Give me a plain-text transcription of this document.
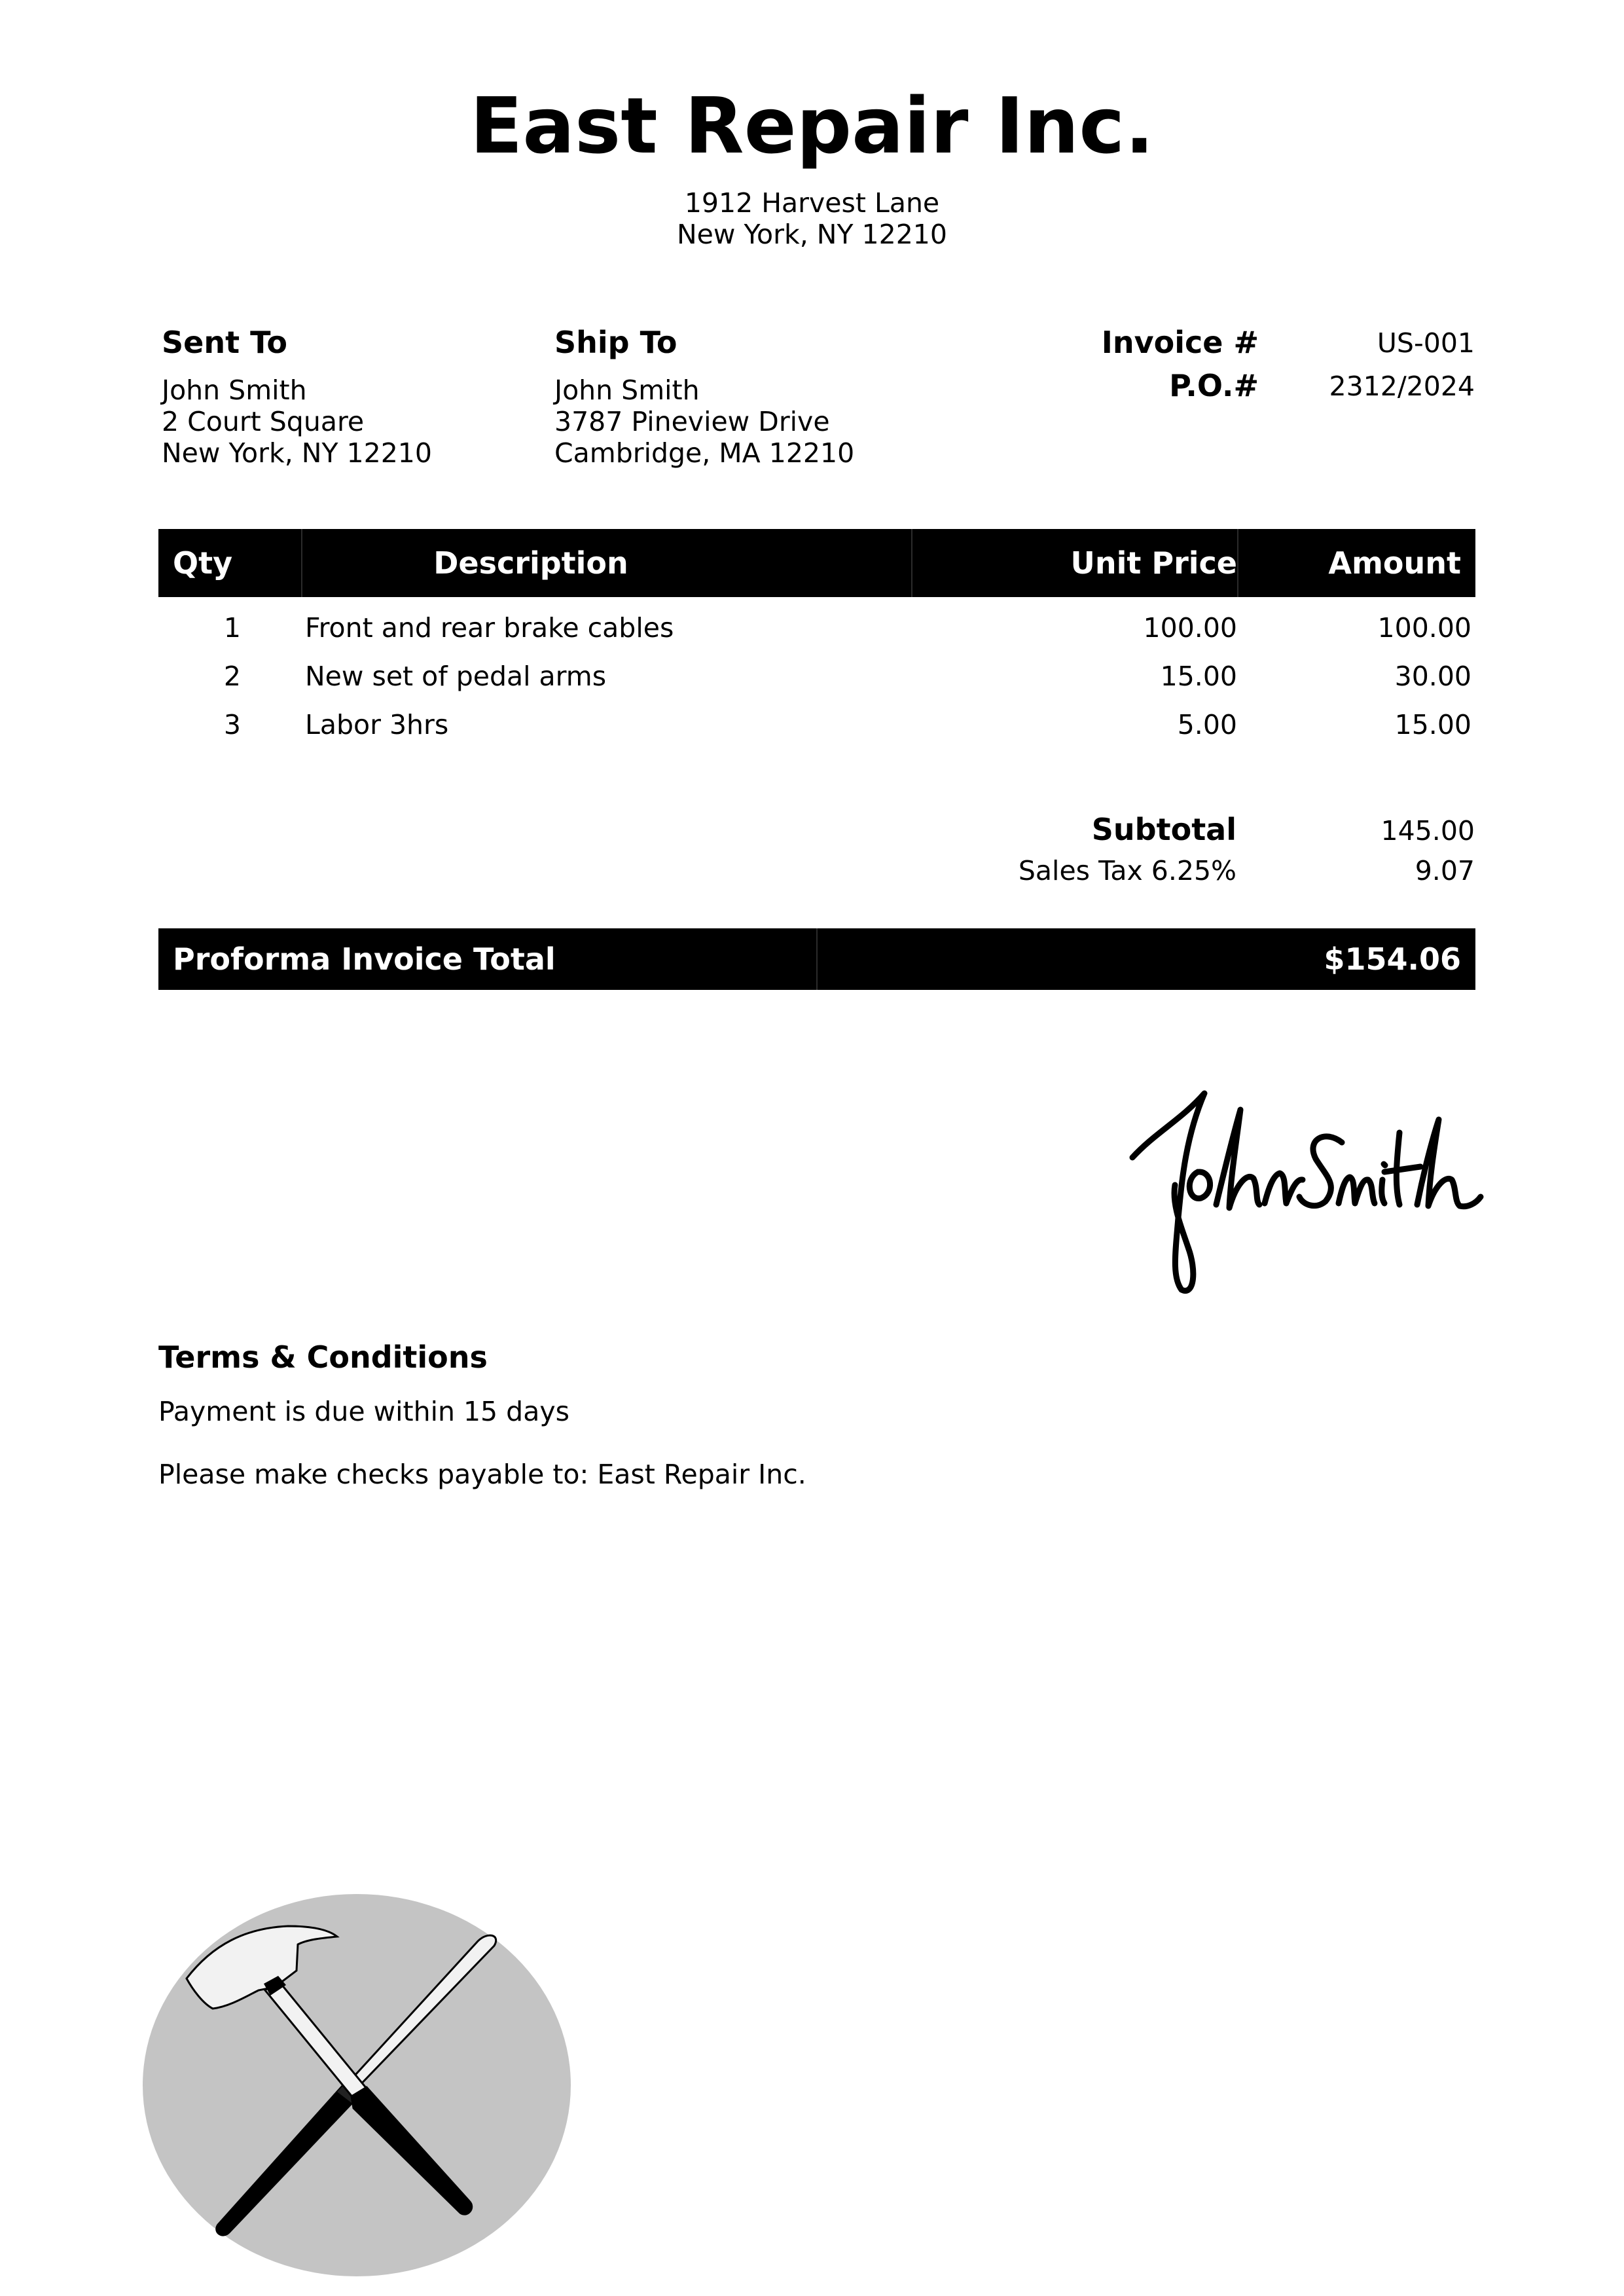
East Repair Inc.
1912 Harvest Lane
New York, NY 12210
Sent To
John Smith
2 Court Square
New York, NY 12210
Ship To
John Smith
3787 Pineview Drive
Cambridge, MA 12210
Invoice #	US-001
P.O.#	2312/2024
Qty	Description	Unit Price	Amount
1 Front and rear brake cables	100.00	100.00
2 New set of pedal arms	15.00	30.00
3 Labor 3hrs	5.00	15.00
Subtotal	145.00
Sales Tax 6.25%	9.07
Proforma Invoice Total	$154.06
Terms & Conditions
Payment is due within 15 days
Please make checks payable to: East Repair Inc.
